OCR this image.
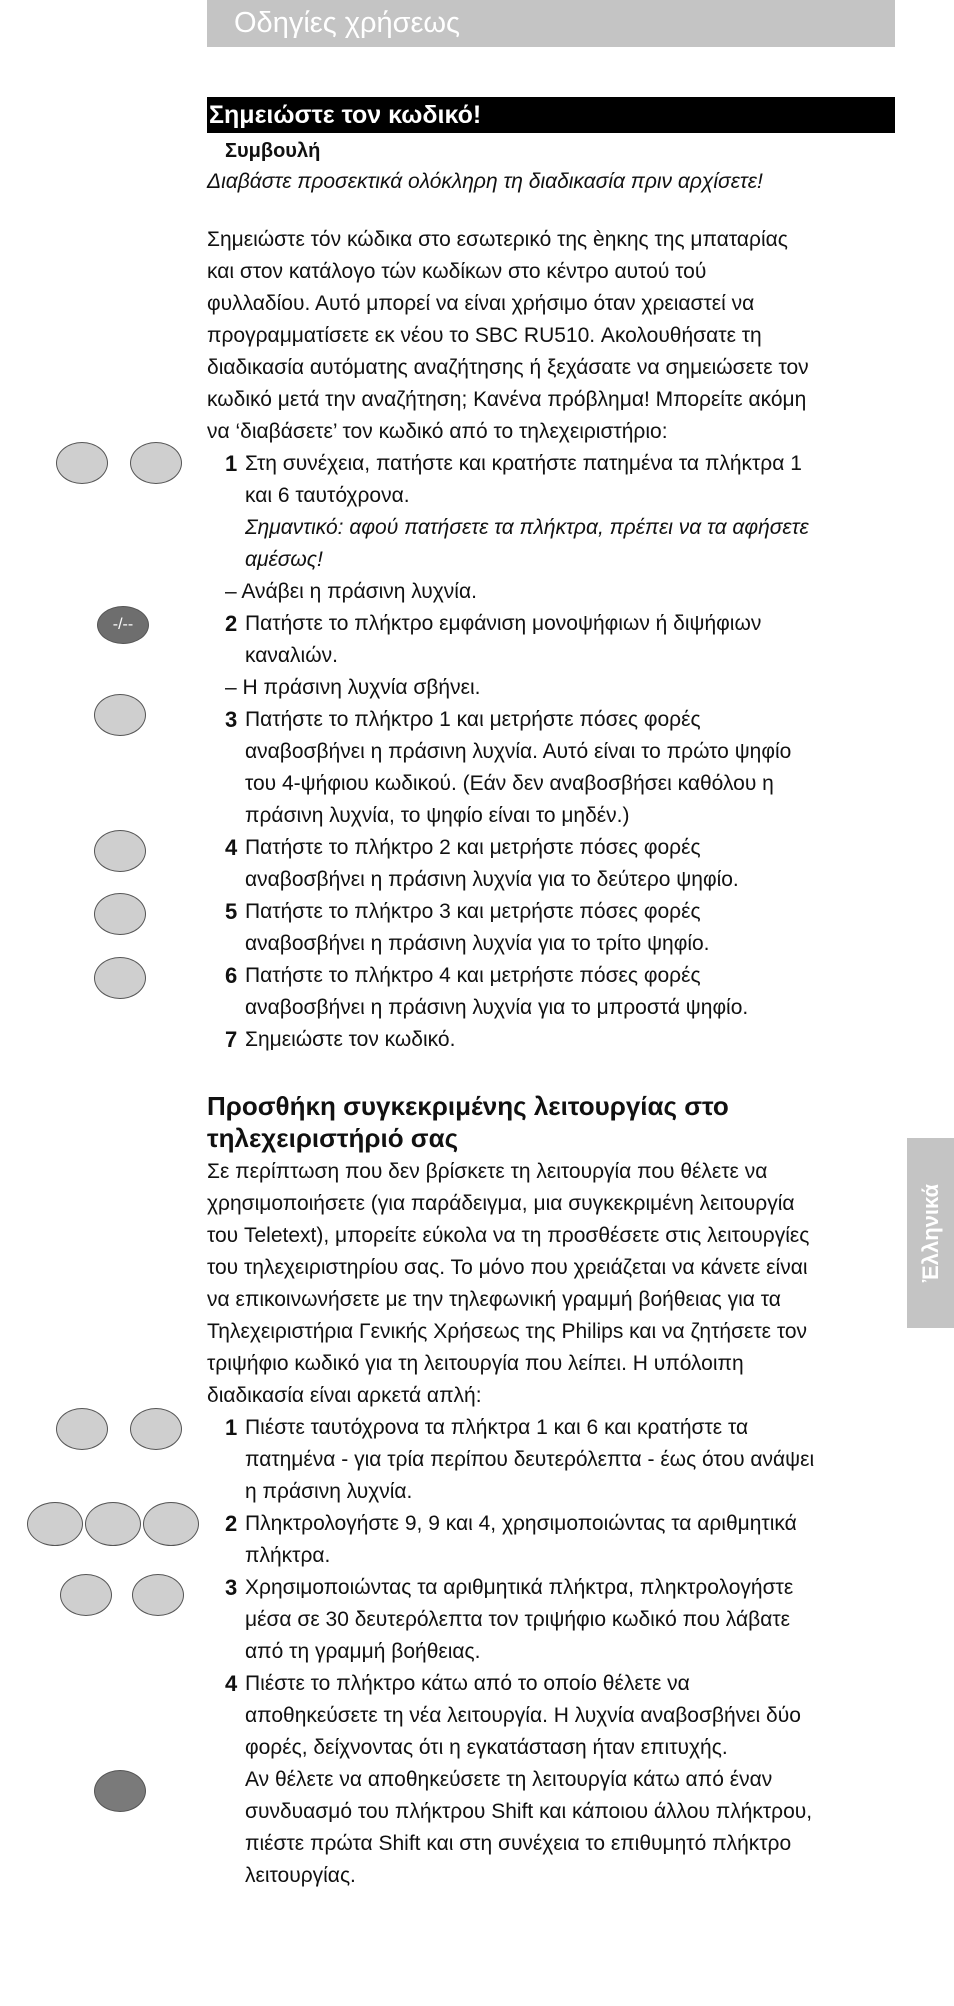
Οδηγίες χρήσεως
Ἐλληνικά
Σημειώστε τον κωδικό!
Συμβουλή
Διαβάστε προσεκτικά ολόκληρη τη διαδικασία πριν αρχίσετε!
Σημειώστε τόν κώδικα στο εσωτερικό της èηκης της μπαταρίας
και στον κατάλογο τών κωδίκων στο κέντρο αυτού τού
φυλλαδίου. Αυτό μπορεί να είναι χρήσιμο όταν χρειαστεί να
προγραμματίσετε εκ νέου το SBC RU510. Ακολουθήσατε τη
διαδικασία αυτόματης αναζήτησης ή ξεχάσατε να σημειώσετε τον
κωδικό μετά την αναζήτηση; Κανένα πρόβλημα! Μπορείτε ακόμη
να ‘διαβάσετε’ τον κωδικό από το τηλεχειριστήριο:
1 Στη συνέχεια, πατήστε και κρατήστε πατημένα τα πλήκτρα 1
και 6 ταυτόχρονα.
Σημαντικό: αφού πατήσετε τα πλήκτρα, πρέπει να τα αφήσετε
αμέσως!
– Ανάβει η πράσινη λυχνία.
2 Πατήστε το πλήκτρο εμφάνιση μονοψήφιων ή διψήφιων
καναλιών.
– Η πράσινη λυχνία σβήνει.
3 Πατήστε το πλήκτρο 1 και μετρήστε πόσες φορές
αναβοσβήνει η πράσινη λυχνία. Αυτό είναι το πρώτο ψηφίο
του 4-ψήφιου κωδικού. (Εάν δεν αναβοσβήσει καθόλου η
πράσινη λυχνία, το ψηφίο είναι το μηδέν.)
4 Πατήστε το πλήκτρο 2 και μετρήστε πόσες φορές
αναβοσβήνει η πράσινη λυχνία για το δεύτερο ψηφίο.
5 Πατήστε το πλήκτρο 3 και μετρήστε πόσες φορές
αναβοσβήνει η πράσινη λυχνία για το τρίτο ψηφίο.
6 Πατήστε το πλήκτρο 4 και μετρήστε πόσες φορές
αναβοσβήνει η πράσινη λυχνία για το μπροστά ψηφίο.
7 Σημειώστε τον κωδικό.
Προσθήκη συγκεκριμένης λειτουργίας στο
τηλεχειριστήριό σας
Σε περίπτωση που δεν βρίσκετε τη λειτουργία που θέλετε να
χρησιμοποιήσετε (για παράδειγμα, μια συγκεκριμένη λειτουργία
του Teletext), μπορείτε εύκολα να τη προσθέσετε στις λειτουργίες
του τηλεχειριστηρίου σας. Το μόνο που χρειάζεται να κάνετε είναι
να επικοινωνήσετε με την τηλεφωνική γραμμή βοήθειας για τα
Τηλεχειριστήρια Γενικής Χρήσεως της Philips και να ζητήσετε τον
τριψήφιο κωδικό για τη λειτουργία που λείπει. Η υπόλοιπη
διαδικασία είναι αρκετά απλή:
1 Πιέστε ταυτόχρονα τα πλήκτρα 1 και 6 και κρατήστε τα
πατημένα - για τρία περίπου δευτερόλεπτα - έως ότου ανάψει
η πράσινη λυχνία.
2 Πληκτρολογήστε 9, 9 και 4, χρησιμοποιώντας τα αριθμητικά
πλήκτρα.
3 Χρησιμοποιώντας τα αριθμητικά πλήκτρα, πληκτρολογήστε
μέσα σε 30 δευτερόλεπτα τον τριψήφιο κωδικό που λάβατε
από τη γραμμή βοήθειας.
4 Πιέστε το πλήκτρο κάτω από το οποίο θέλετε να
αποθηκεύσετε τη νέα λειτουργία. Η λυχνία αναβοσβήνει δύο
φορές, δείχνοντας ότι η εγκατάσταση ήταν επιτυχής.
Αν θέλετε να αποθηκεύσετε τη λειτουργία κάτω από έναν
συνδυασμό του πλήκτρου Shift και κάποιου άλλου πλήκτρου,
πιέστε πρώτα Shift και στη συνέχεια το επιθυμητό πλήκτρο
λειτουργίας.
-/--
